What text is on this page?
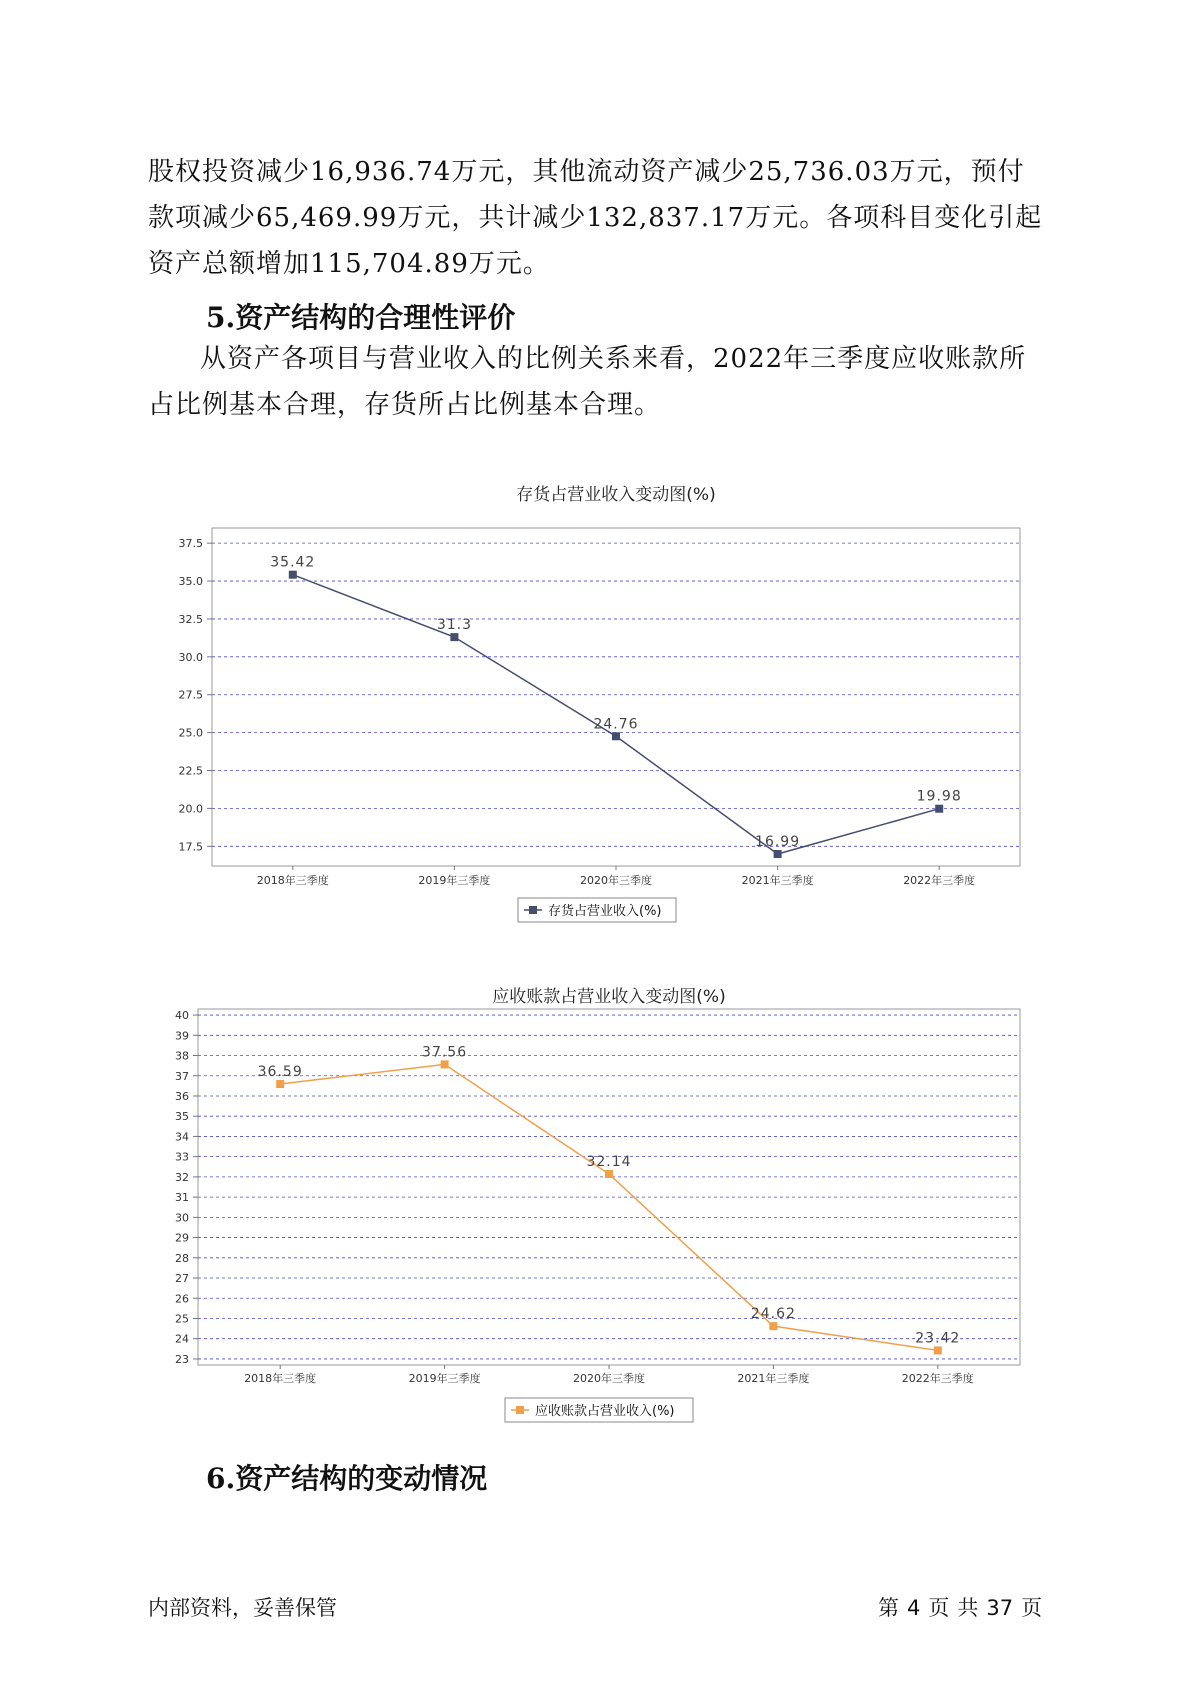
股权投资减少16,936.74万元，其他流动资产减少25,736.03万元，预付款项减少65,469.99万元，共计减少132,837.17万元。各项科目变化引起资产总额增加115,704.89万元。

5.资产结构的合理性评价

从资产各项目与营业收入的比例关系来看，2022年三季度应收账款所占比例基本合理，存货所占比例基本合理。

存货占营业收入变动图(%)
17.5
20.0
22.5
25.0
27.5
30.0
32.5
35.0
37.5
2018年三季度	2019年三季度	2020年三季度	2021年三季度	2022年三季度
35.42
31.3
24.76
16.99
19.98
存货占营业收入(%)
应收账款占营业收入变动图(%)
23
24
25
26
27
28
29
30
31
32
33
34
35
36
37
38
39
40
2018年三季度	2019年三季度	2020年三季度	2021年三季度	2022年三季度
36.59
37.56
32.14
24.62
23.42
应收账款占营业收入(%)
6.资产结构的变动情况
内部资料，妥善保管	第 4 页 共 37 页
